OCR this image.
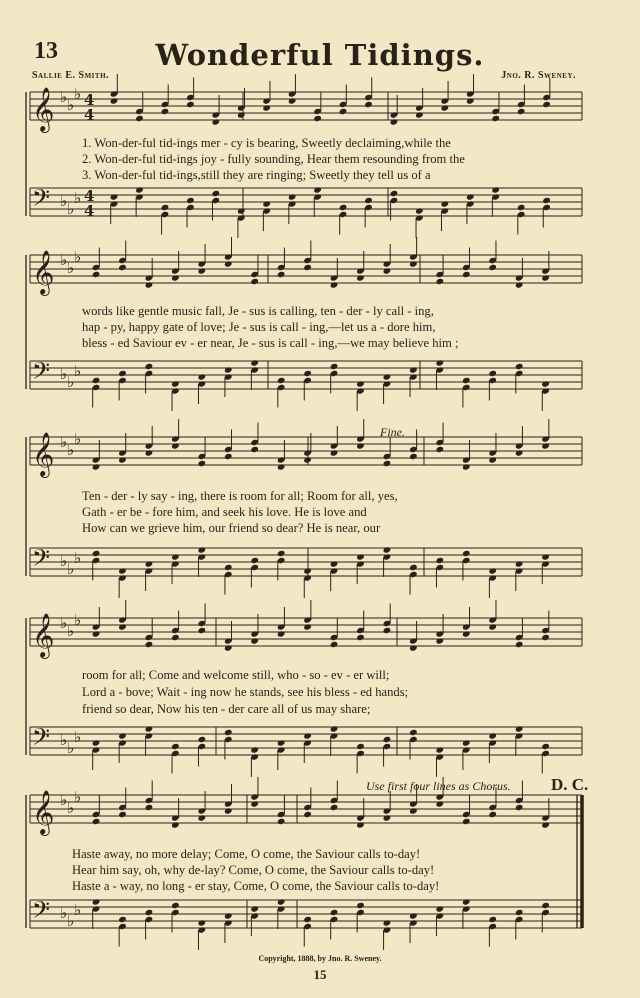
13	Wonderful Tidings.
Sallie E. Smith.	Jno. R. Sweney.
𝄞 ♭ ♭
♭ 4
4
𝄢 ♭ ♭
♭ 4
4
𝄞 ♭ ♭
♭
𝄢 ♭ ♭
♭
𝄞 ♭ ♭
♭
𝄢 ♭ ♭
♭
𝄞 ♭ ♭
♭
𝄢 ♭ ♭
♭
𝄞 ♭ ♭
♭
𝄢 ♭ ♭
♭
1. Won-der-ful tid-ings mer - cy is bearing, Sweetly declaiming,while the
2. Won-der-ful tid-ings joy - fully sounding, Hear them resounding from the
3. Won-der-ful tid-ings,still they are ringing; Sweetly they tell us of a
words like gentle music fall, Je - sus is calling, ten - der - ly call - ing,
hap - py, happy gate of love; Je - sus is call - ing,—let us a - dore him,
bless - ed Saviour ev - er near, Je - sus is call - ing,—we may believe him ;
Fine.
Ten - der - ly say - ing, there is room for all; Room for all, yes,
Gath - er be - fore him, and seek his love. He is love and
How can we grieve him, our friend so dear? He is near, our
room for all; Come and welcome still, who - so - ev - er will;
Lord a - bove; Wait - ing now he stands, see his bless - ed hands;
friend so dear, Now his ten - der care all of us may share;
Use first four lines as Chorus. D. C.
Haste away, no more delay; Come, O come, the Saviour calls to-day!
Hear him say, oh, why de-lay? Come, O come, the Saviour calls to-day!
Haste a - way, no long - er stay, Come, O come, the Saviour calls to-day!
Copyright, 1888, by Jno. R. Sweney.
15
